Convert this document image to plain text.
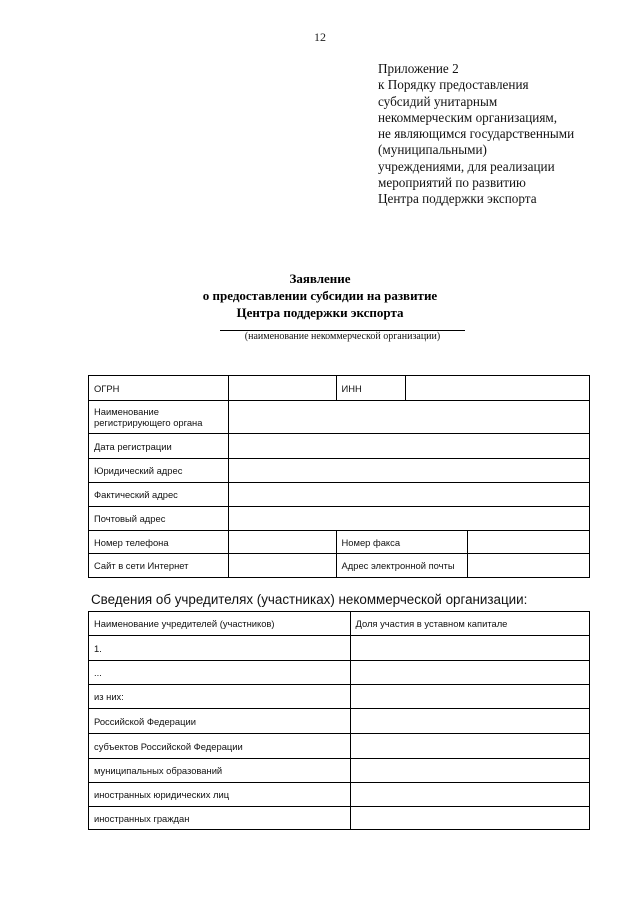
12
Приложение 2
к Порядку предоставления
субсидий унитарным
некоммерческим организациям,
не являющимся государственными
(муниципальными)
учреждениями, для реализации
мероприятий по развитию
Центра поддержки экспорта
Заявление
о предоставлении субсидии на развитие
Центра поддержки экспорта
(наименование некоммерческой организации)
ОГРН		ИНН		
Наименование регистрирующего органа				
Дата регистрации				
Юридический адрес				
Фактический адрес				
Почтовый адрес				
Номер телефона		Номер факса		
Сайт в сети Интернет		Адрес электронной почты		
Сведения об учредителях (участниках) некоммерческой организации:
Наименование учредителей (участников)	Доля участия в уставном капитале
1.	
...	
из них:	
Российской Федерации	
субъектов Российской Федерации	
муниципальных образований	
иностранных юридических лиц	
иностранных граждан	
